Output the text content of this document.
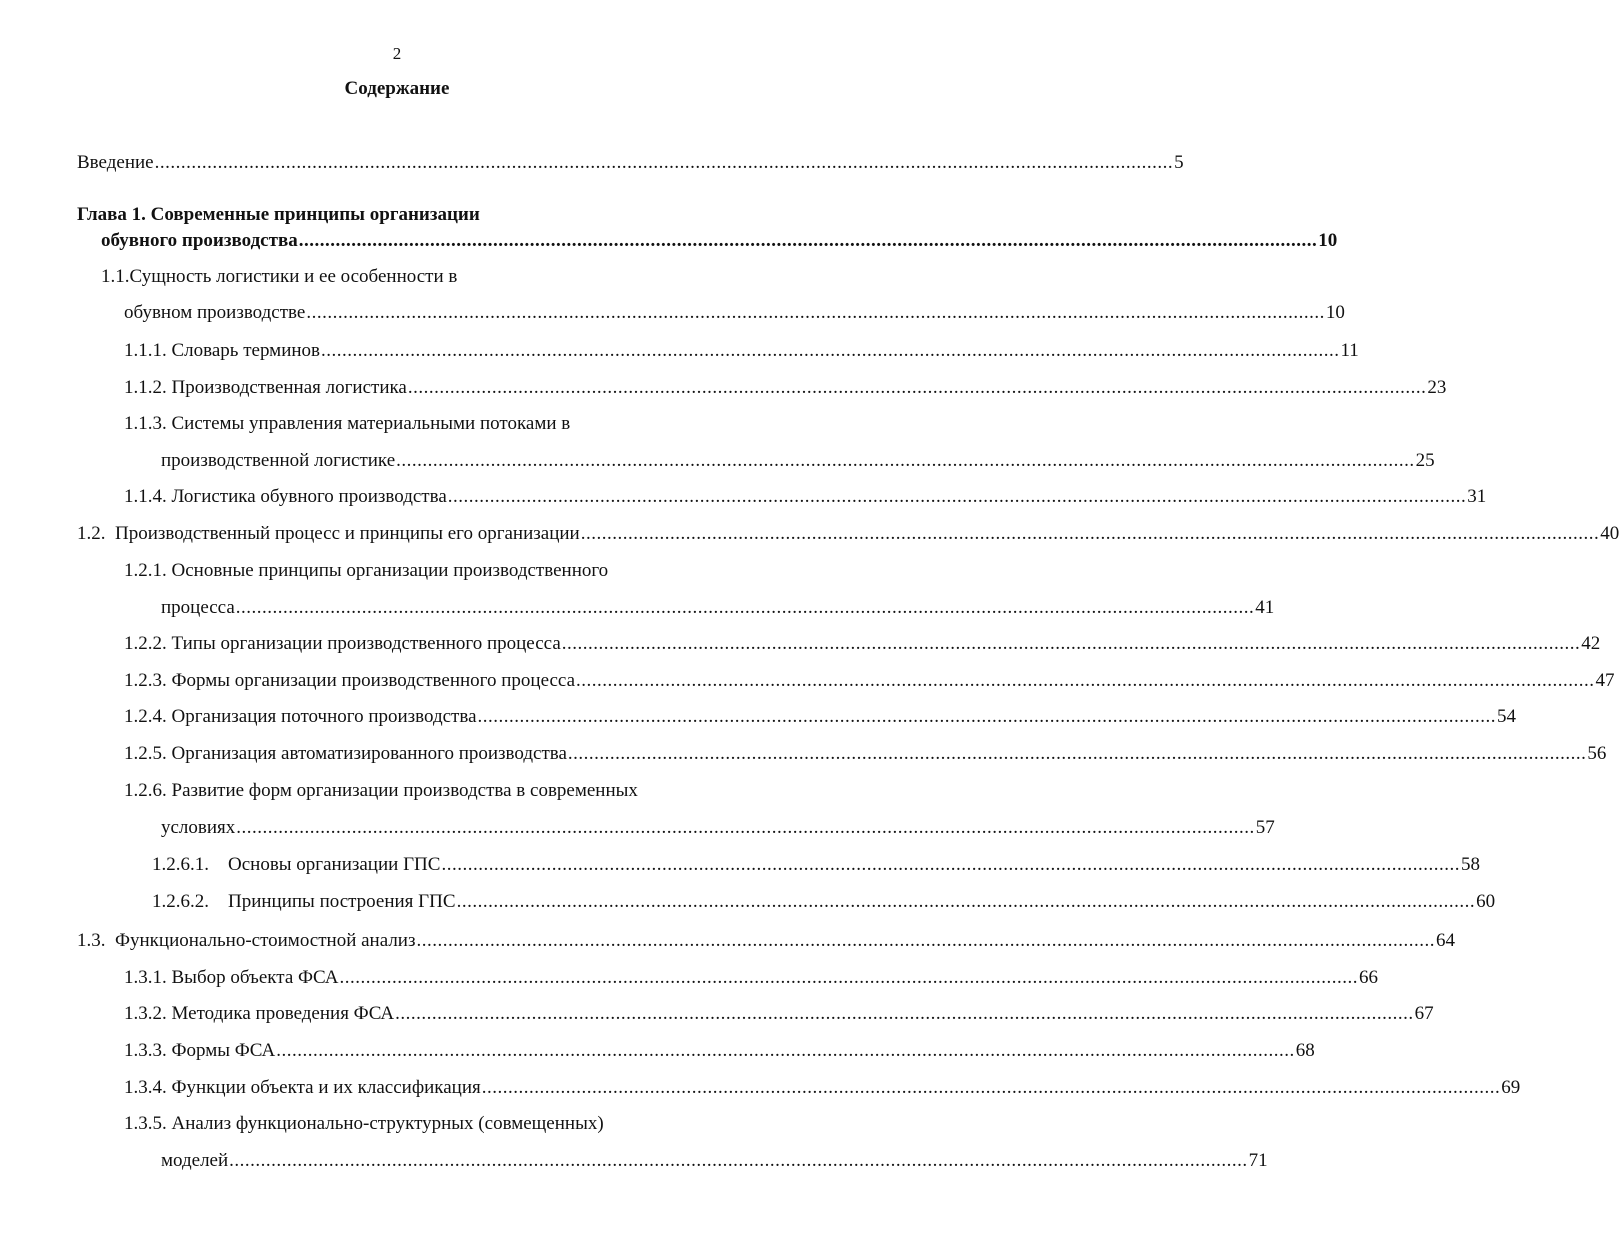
2
Содержание
Введение .................................................................................................................................................................................................. 5
Глава 1. Современные принципы организации
обувного производства .................................................................................................................................................................................................. 10
1.1.Сущность логистики и ее особенности в
обувном производстве .................................................................................................................................................................................................. 10
1.1.1. Словарь терминов .................................................................................................................................................................................................. 11
1.1.2. Производственная логистика .................................................................................................................................................................................................. 23
1.1.3. Системы управления материальными потоками в
производственной логистике .................................................................................................................................................................................................. 25
1.1.4. Логистика обувного производства .................................................................................................................................................................................................. 31
1.2.  Производственный процесс и принципы его организации .................................................................................................................................................................................................. 40
1.2.1. Основные принципы организации производственного
процесса .................................................................................................................................................................................................. 41
1.2.2. Типы организации производственного процесса .................................................................................................................................................................................................. 42
1.2.3. Формы организации производственного процесса .................................................................................................................................................................................................. 47
1.2.4. Организация поточного производства .................................................................................................................................................................................................. 54
1.2.5. Организация автоматизированного производства .................................................................................................................................................................................................. 56
1.2.6. Развитие форм организации производства в современных
условиях .................................................................................................................................................................................................. 57
1.2.6.1.	Основы организации ГПС .................................................................................................................................................................................................. 58
1.2.6.2.	Принципы построения ГПС .................................................................................................................................................................................................. 60
1.3.  Функционально-стоимостной анализ .................................................................................................................................................................................................. 64
1.3.1. Выбор объекта ФСА .................................................................................................................................................................................................. 66
1.3.2. Методика проведения ФСА .................................................................................................................................................................................................. 67
1.3.3. Формы ФСА .................................................................................................................................................................................................. 68
1.3.4. Функции объекта и их классификация .................................................................................................................................................................................................. 69
1.3.5. Анализ функционально-структурных (совмещенных)
моделей .................................................................................................................................................................................................. 71
